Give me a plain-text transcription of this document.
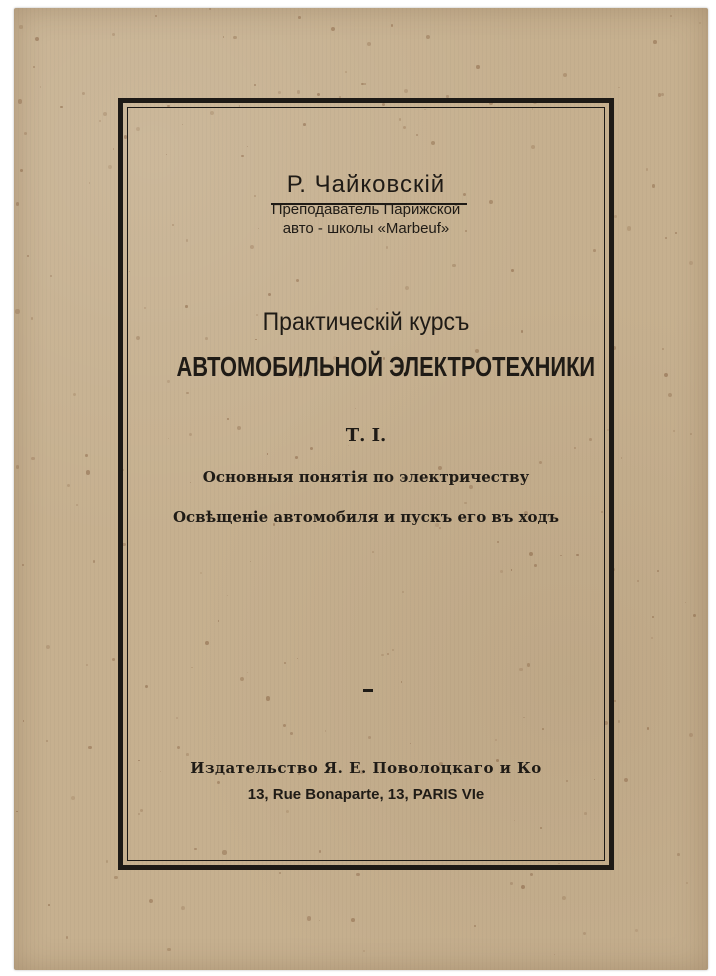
Р. Чайковскiй
Преподаватель Парижской
авто - школы «Marbeuf»
Практическiй курсъ
АВТОМОБИЛЬНОЙ ЭЛЕКТРОТЕХНИКИ
Т. I.
Основныя понятiя по электричеству
Освѣщенie автомобиля и пускъ его въ ходъ
Издательство Я. Е. Поволоцкаго и Ко
13, Rue Bonaparte, 13, PARIS VIe
